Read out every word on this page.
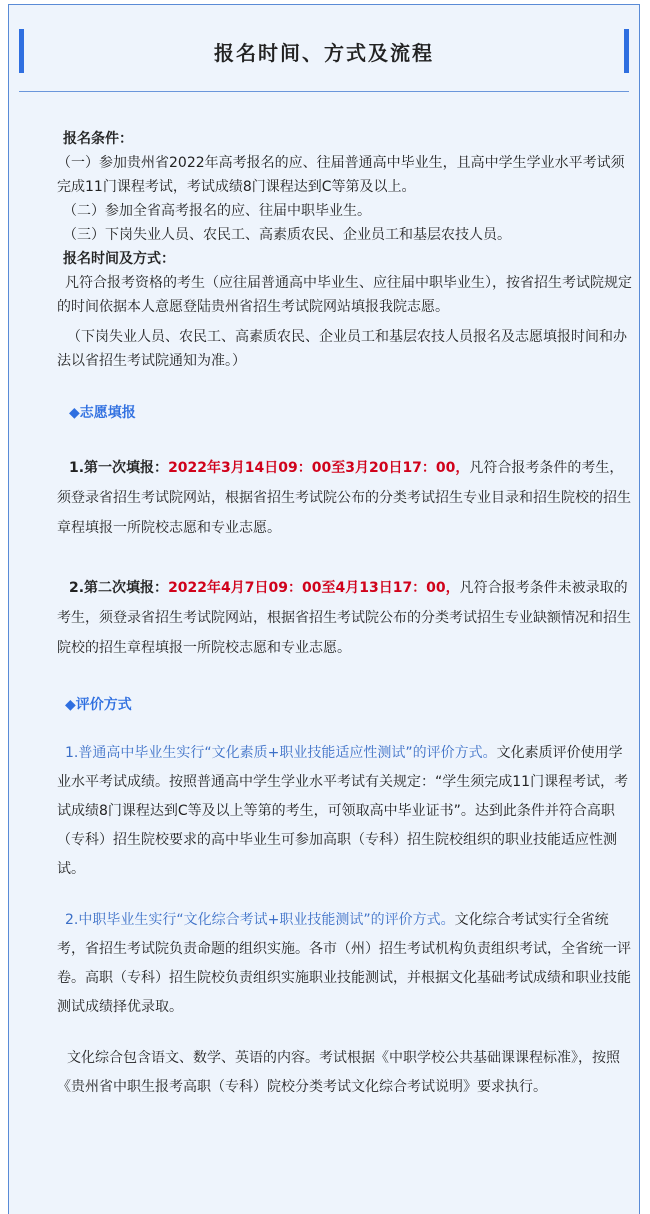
报名时间、方式及流程

报名条件：

（一）参加贵州省2022年高考报名的应、往届普通高中毕业生，且高中学生学业水平考试须完成11门课程考试，考试成绩8门课程达到C等第及以上。

（二）参加全省高考报名的应、往届中职毕业生。

（三）下岗失业人员、农民工、高素质农民、企业员工和基层农技人员。

报名时间及方式：

凡符合报考资格的考生（应往届普通高中毕业生、应往届中职毕业生），按省招生考试院规定的时间依据本人意愿登陆贵州省招生考试院网站填报我院志愿。

（下岗失业人员、农民工、高素质农民、企业员工和基层农技人员报名及志愿填报时间和办法以省招生考试院通知为准。）

◆志愿填报

1.第一次填报：2022年3月14日09：00至3月20日17：00，凡符合报考条件的考生，须登录省招生考试院网站，根据省招生考试院公布的分类考试招生专业目录和招生院校的招生章程填报一所院校志愿和专业志愿。

2.第二次填报：2022年4月7日09：00至4月13日17：00，凡符合报考条件未被录取的考生，须登录省招生考试院网站，根据省招生考试院公布的分类考试招生专业缺额情况和招生院校的招生章程填报一所院校志愿和专业志愿。

◆评价方式

1.普通高中毕业生实行“文化素质+职业技能适应性测试”的评价方式。文化素质评价使用学业水平考试成绩。按照普通高中学生学业水平考试有关规定：“学生须完成11门课程考试，考试成绩8门课程达到C等及以上等第的考生，可领取高中毕业证书”。达到此条件并符合高职（专科）招生院校要求的高中毕业生可参加高职（专科）招生院校组织的职业技能适应性测试。

2.中职毕业生实行“文化综合考试+职业技能测试”的评价方式。文化综合考试实行全省统考，省招生考试院负责命题的组织实施。各市（州）招生考试机构负责组织考试，全省统一评卷。高职（专科）招生院校负责组织实施职业技能测试，并根据文化基础考试成绩和职业技能测试成绩择优录取。

文化综合包含语文、数学、英语的内容。考试根据《中职学校公共基础课课程标准》，按照《贵州省中职生报考高职（专科）院校分类考试文化综合考试说明》要求执行。
